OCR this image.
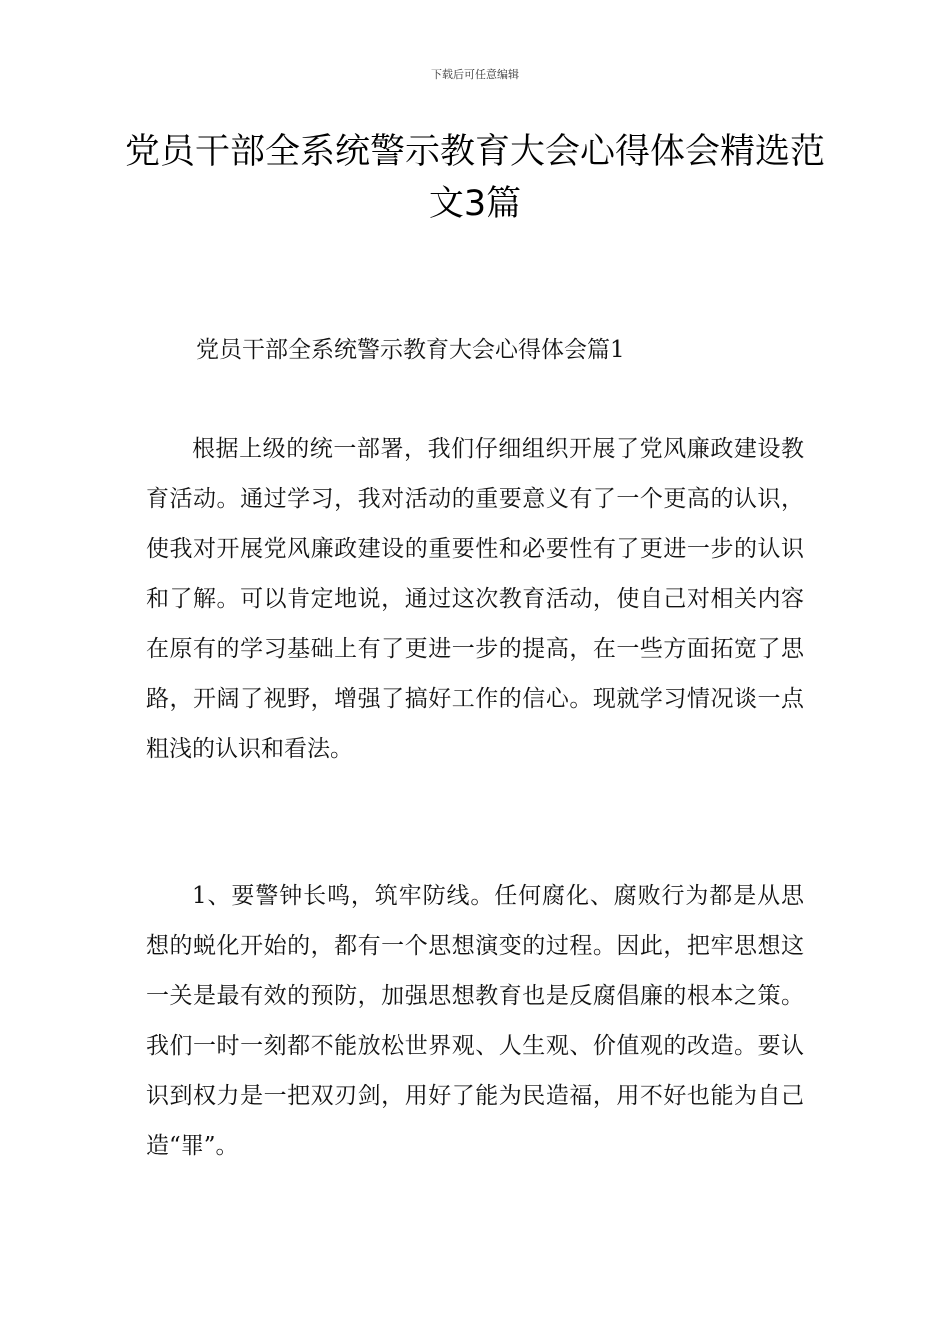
下载后可任意编辑
党员干部全系统警示教育大会心得体会精选范文3篇

党员干部全系统警示教育大会心得体会篇1

根据上级的统一部署，我们仔细组织开展了党风廉政建设教育活动。通过学习，我对活动的重要意义有了一个更高的认识，使我对开展党风廉政建设的重要性和必要性有了更进一步的认识和了解。可以肯定地说，通过这次教育活动，使自己对相关内容在原有的学习基础上有了更进一步的提高，在一些方面拓宽了思路，开阔了视野，增强了搞好工作的信心。现就学习情况谈一点粗浅的认识和看法。

1、要警钟长鸣，筑牢防线。任何腐化、腐败行为都是从思想的蜕化开始的，都有一个思想演变的过程。因此，把牢思想这一关是最有效的预防，加强思想教育也是反腐倡廉的根本之策。我们一时一刻都不能放松世界观、人生观、价值观的改造。要认识到权力是一把双刃剑，用好了能为民造福，用不好也能为自己造“罪”。
